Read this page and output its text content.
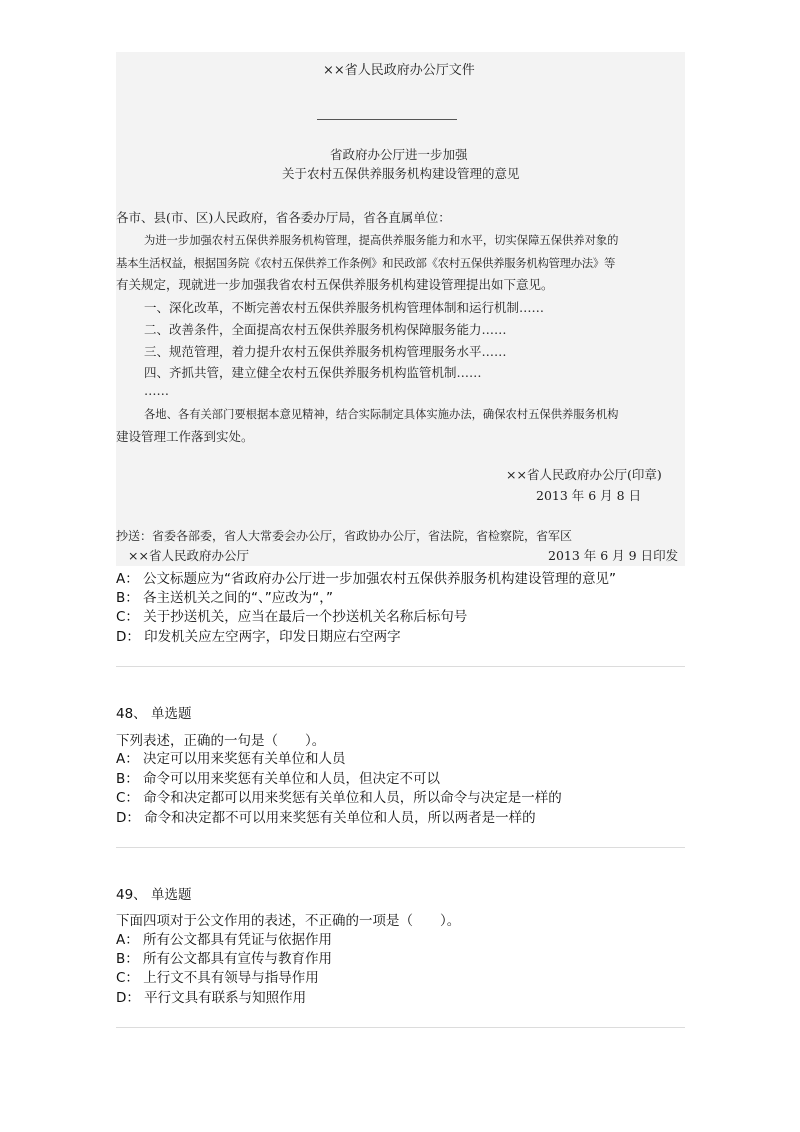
××省人民政府办公厅文件
省政府办公厅进一步加强
关于农村五保供养服务机构建设管理的意见
各市、县(市、区)人民政府，省各委办厅局，省各直属单位：
为进一步加强农村五保供养服务机构管理，提高供养服务能力和水平，切实保障五保供养对象的
基本生活权益，根据国务院《农村五保供养工作条例》和民政部《农村五保供养服务机构管理办法》等
有关规定，现就进一步加强我省农村五保供养服务机构建设管理提出如下意见。
一、深化改革，不断完善农村五保供养服务机构管理体制和运行机制……
二、改善条件，全面提高农村五保供养服务机构保障服务能力……
三、规范管理，着力提升农村五保供养服务机构管理服务水平……
四、齐抓共管，建立健全农村五保供养服务机构监管机制……
……
各地、各有关部门要根据本意见精神，结合实际制定具体实施办法，确保农村五保供养服务机构
建设管理工作落到实处。
××省人民政府办公厅(印章)
2013 年 6 月 8 日
抄送：省委各部委，省人大常委会办公厅，省政协办公厅，省法院，省检察院，省军区
××省人民政府办公厅	2013 年 6 月 9 日印发
A： 公文标题应为“省政府办公厅进一步加强农村五保供养服务机构建设管理的意见”
B： 各主送机关之间的“、”应改为“，”
C： 关于抄送机关，应当在最后一个抄送机关名称后标句号
D： 印发机关应左空两字，印发日期应右空两字
48、 单选题
下列表述，正确的一句是（　　）。
A： 决定可以用来奖惩有关单位和人员
B： 命令可以用来奖惩有关单位和人员，但决定不可以
C： 命令和决定都可以用来奖惩有关单位和人员，所以命令与决定是一样的
D： 命令和决定都不可以用来奖惩有关单位和人员，所以两者是一样的
49、 单选题
下面四项对于公文作用的表述，不正确的一项是（　　）。
A： 所有公文都具有凭证与依据作用
B： 所有公文都具有宣传与教育作用
C： 上行文不具有领导与指导作用
D： 平行文具有联系与知照作用
